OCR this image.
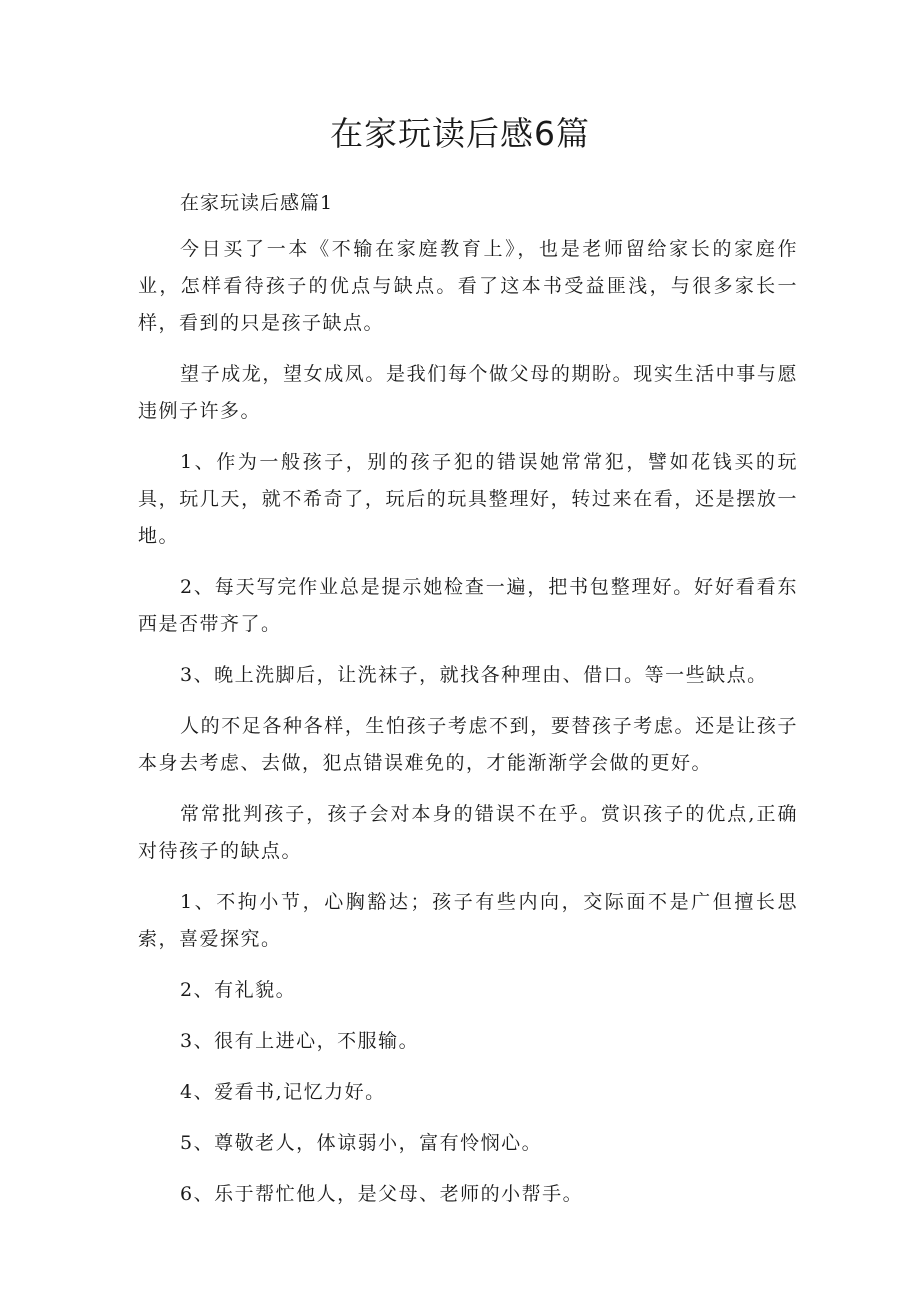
在家玩读后感6篇
在家玩读后感篇1

今日买了一本《不输在家庭教育上》，也是老师留给家长的家庭作业，怎样看待孩子的优点与缺点。看了这本书受益匪浅，与很多家长一样，看到的只是孩子缺点。

望子成龙，望女成凤。是我们每个做父母的期盼。现实生活中事与愿违例子许多。

1、作为一般孩子，别的孩子犯的错误她常常犯，譬如花钱买的玩具，玩几天，就不希奇了，玩后的玩具整理好，转过来在看，还是摆放一地。

2、每天写完作业总是提示她检查一遍，把书包整理好。好好看看东西是否带齐了。

3、晚上洗脚后，让洗袜子，就找各种理由、借口。等一些缺点。

人的不足各种各样，生怕孩子考虑不到，要替孩子考虑。还是让孩子本身去考虑、去做，犯点错误难免的，才能渐渐学会做的更好。

常常批判孩子，孩子会对本身的错误不在乎。赏识孩子的优点,正确对待孩子的缺点。

1、不拘小节，心胸豁达；孩子有些内向，交际面不是广但擅长思索，喜爱探究。

2、有礼貌。

3、很有上进心，不服输。

4、爱看书,记忆力好。

5、尊敬老人，体谅弱小，富有怜悯心。

6、乐于帮忙他人，是父母、老师的小帮手。
